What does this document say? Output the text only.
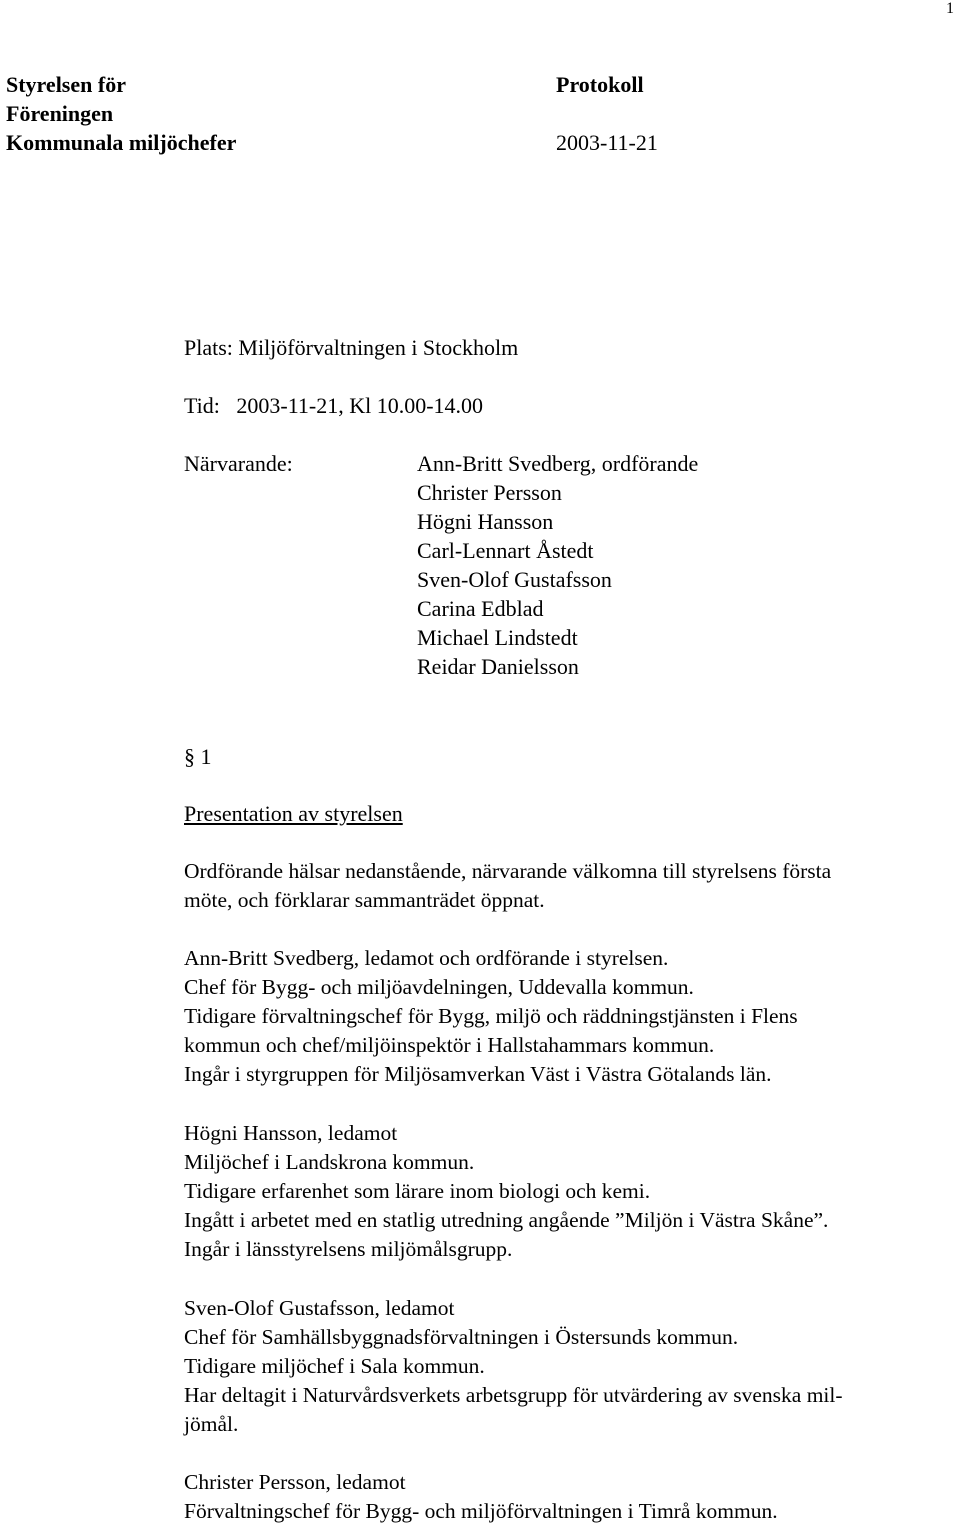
1
Styrelsen för
Föreningen
Kommunala miljöchefer
Protokoll
2003-11-21
Plats: Miljöförvaltningen i Stockholm
Tid:   2003-11-21, Kl 10.00-14.00
Närvarande:	Ann-Britt Svedberg, ordförande
Christer Persson
Högni Hansson
Carl-Lennart Åstedt
Sven-Olof Gustafsson
Carina Edblad
Michael Lindstedt
Reidar Danielsson
§ 1
Presentation av styrelsen
Ordförande hälsar nedanstående, närvarande välkomna till styrelsens första
möte, och förklarar sammanträdet öppnat.
Ann-Britt Svedberg, ledamot och ordförande i styrelsen.
Chef för Bygg- och miljöavdelningen, Uddevalla kommun.
Tidigare förvaltningschef för Bygg, miljö och räddningstjänsten i Flens
kommun och chef/miljöinspektör i Hallstahammars kommun.
Ingår i styrgruppen för Miljösamverkan Väst i Västra Götalands län.
Högni Hansson, ledamot
Miljöchef i Landskrona kommun.
Tidigare erfarenhet som lärare inom biologi och kemi.
Ingått i arbetet med en statlig utredning angående ”Miljön i Västra Skåne”.
Ingår i länsstyrelsens miljömålsgrupp.
Sven-Olof Gustafsson, ledamot
Chef för Samhällsbyggnadsförvaltningen i Östersunds kommun.
Tidigare miljöchef i Sala kommun.
Har deltagit i Naturvårdsverkets arbetsgrupp för utvärdering av svenska mil-
jömål.
Christer Persson, ledamot
Förvaltningschef för Bygg- och miljöförvaltningen i Timrå kommun.
